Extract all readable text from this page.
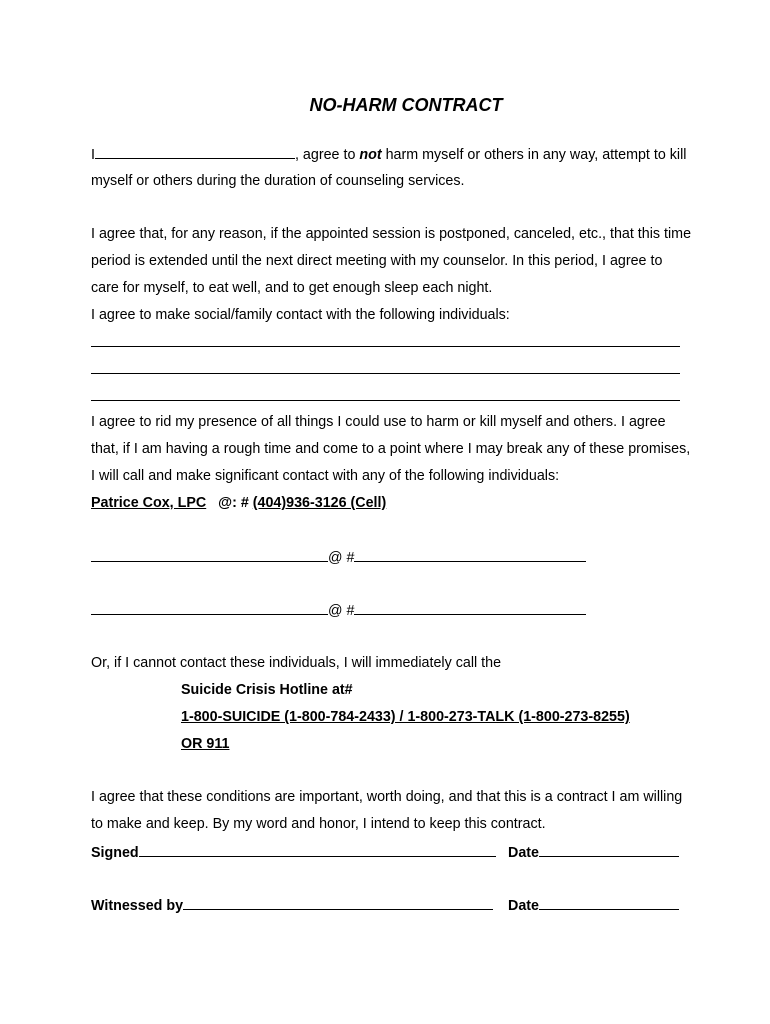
NO-HARM CONTRACT
I	, agree to not harm myself or others in any way, attempt to kill
myself or others during the duration of counseling services.
I agree that, for any reason, if the appointed session is postponed, canceled, etc., that this time
period is extended until the next direct meeting with my counselor. In this period, I agree to
care for myself, to eat well, and to get enough sleep each night.
I agree to make social/family contact with the following individuals:
I agree to rid my presence of all things I could use to harm or kill myself and others. I agree
that, if I am having a rough time and come to a point where I may break any of these promises,
I will call and make significant contact with any of the following individuals:
Patrice Cox, LPC @: # (404)936-3126 (Cell)
@ #
@ #
Or, if I cannot contact these individuals, I will immediately call the
Suicide Crisis Hotline at#
1-800-SUICIDE (1-800-784-2433) / 1-800-273-TALK (1-800-273-8255)
OR 911
I agree that these conditions are important, worth doing, and that this is a contract I am willing
to make and keep. By my word and honor, I intend to keep this contract.
Signed	Date
Witnessed by	Date
